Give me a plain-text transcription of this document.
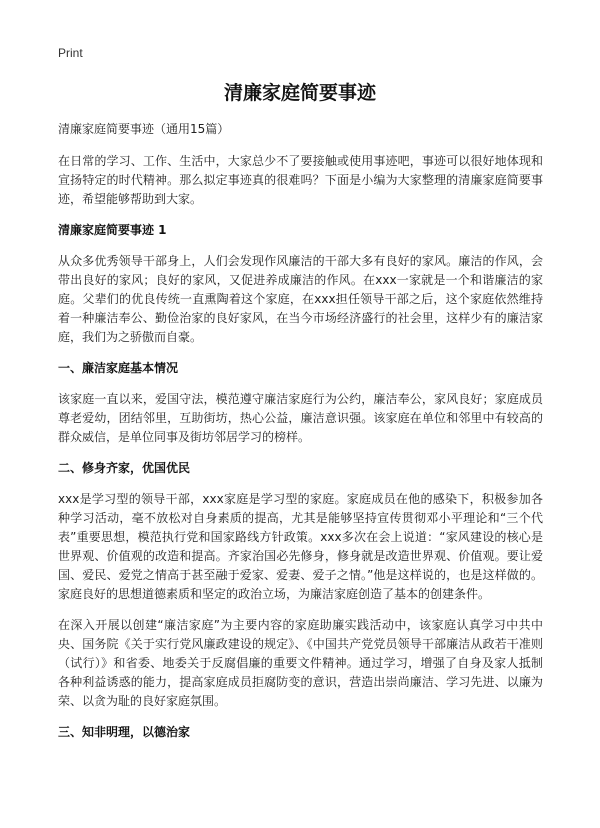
Print
清廉家庭简要事迹
清廉家庭简要事迹（通用15篇）

在日常的学习、工作、生活中，大家总少不了要接触或使用事迹吧，事迹可以很好地体现和宣扬特定的时代精神。那么拟定事迹真的很难吗？下面是小编为大家整理的清廉家庭简要事迹，希望能够帮助到大家。

清廉家庭简要事迹 1

从众多优秀领导干部身上，人们会发现作风廉洁的干部大多有良好的家风。廉洁的作风，会带出良好的家风；良好的家风，又促进养成廉洁的作风。在xxx一家就是一个和谐廉洁的家庭。父辈们的优良传统一直熏陶着这个家庭，在xxx担任领导干部之后，这个家庭依然维持着一种廉洁奉公、勤俭治家的良好家风，在当今市场经济盛行的社会里，这样少有的廉洁家庭，我们为之骄傲而自豪。

一、廉洁家庭基本情况

该家庭一直以来，爱国守法，模范遵守廉洁家庭行为公约，廉洁奉公，家风良好；家庭成员尊老爱幼，团结邻里，互助街坊，热心公益，廉洁意识强。该家庭在单位和邻里中有较高的群众威信，是单位同事及街坊邻居学习的榜样。

二、修身齐家，优国优民

xxx是学习型的领导干部，xxx家庭是学习型的家庭。家庭成员在他的感染下，积极参加各种学习活动，毫不放松对自身素质的提高，尤其是能够坚持宣传贯彻邓小平理论和“三个代表”重要思想，模范执行党和国家路线方针政策。xxx多次在会上说道：“家风建设的核心是世界观、价值观的改造和提高。齐家治国必先修身，修身就是改造世界观、价值观。要让爱国、爱民、爱党之情高于甚至融于爱家、爱妻、爱子之情。”他是这样说的，也是这样做的。家庭良好的思想道德素质和坚定的政治立场，为廉洁家庭创造了基本的创建条件。

在深入开展以创建“廉洁家庭”为主要内容的家庭助廉实践活动中，该家庭认真学习中共中央、国务院《关于实行党风廉政建设的规定》、《中国共产党党员领导干部廉洁从政若干准则（试行）》和省委、地委关于反腐倡廉的重要文件精神。通过学习，增强了自身及家人抵制各种利益诱惑的能力，提高家庭成员拒腐防变的意识，营造出崇尚廉洁、学习先进、以廉为荣、以贪为耻的良好家庭氛围。

三、知非明理，以德治家
